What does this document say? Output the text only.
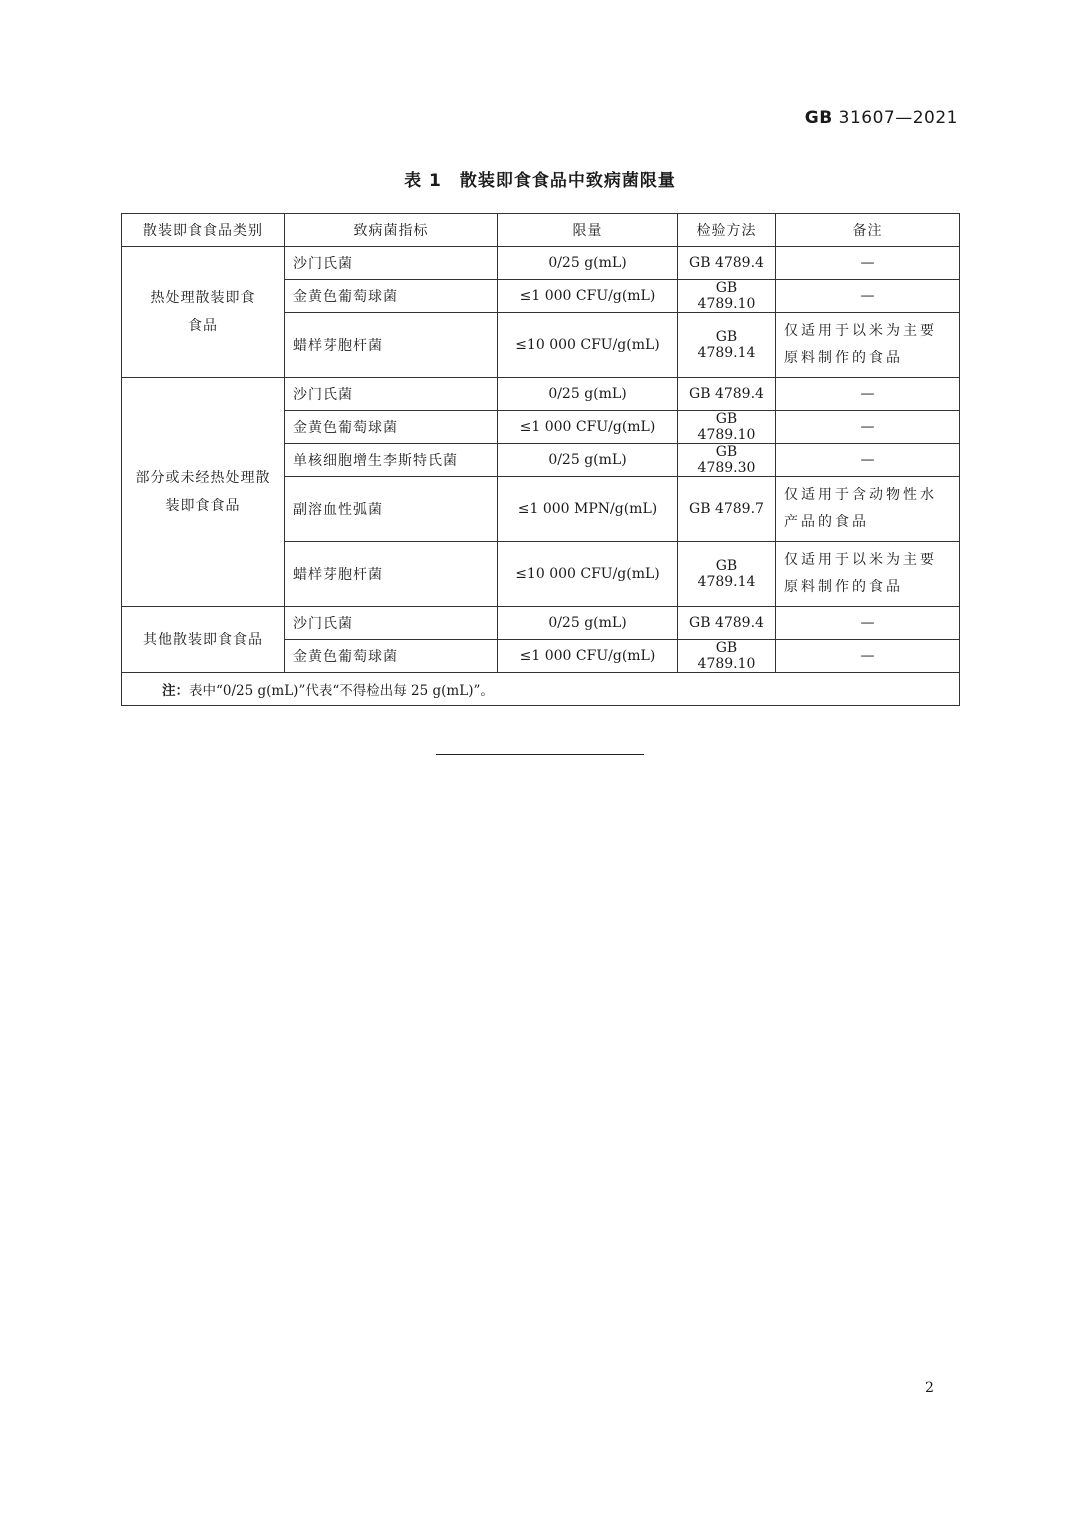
GB 31607—2021
表 1 散装即食食品中致病菌限量
散装即食食品类别	致病菌指标	限量	检验方法	备注

热处理散装即食食品	沙门氏菌	0/25 g(mL)	GB 4789.4	—
	金黄色葡萄球菌	≤1 000 CFU/g(mL)	GB 4789.10	—
	蜡样芽胞杆菌	≤10 000 CFU/g(mL)	GB 4789.14	仅适用于以米为主要原料制作的食品

部分或未经热处理散装即食食品	沙门氏菌	0/25 g(mL)	GB 4789.4	—
	金黄色葡萄球菌	≤1 000 CFU/g(mL)	GB 4789.10	—
	单核细胞增生李斯特氏菌	0/25 g(mL)	GB 4789.30	—
	副溶血性弧菌	≤1 000 MPN/g(mL)	GB 4789.7	仅适用于含动物性水产品的食品
	蜡样芽胞杆菌	≤10 000 CFU/g(mL)	GB 4789.14	仅适用于以米为主要原料制作的食品
其他散装即食食品	沙门氏菌	0/25 g(mL)	GB 4789.4	—
	金黄色葡萄球菌	≤1 000 CFU/g(mL)	GB 4789.10	—
注：表中“0/25 g(mL)”代表“不得检出每 25 g(mL)”。				
2
